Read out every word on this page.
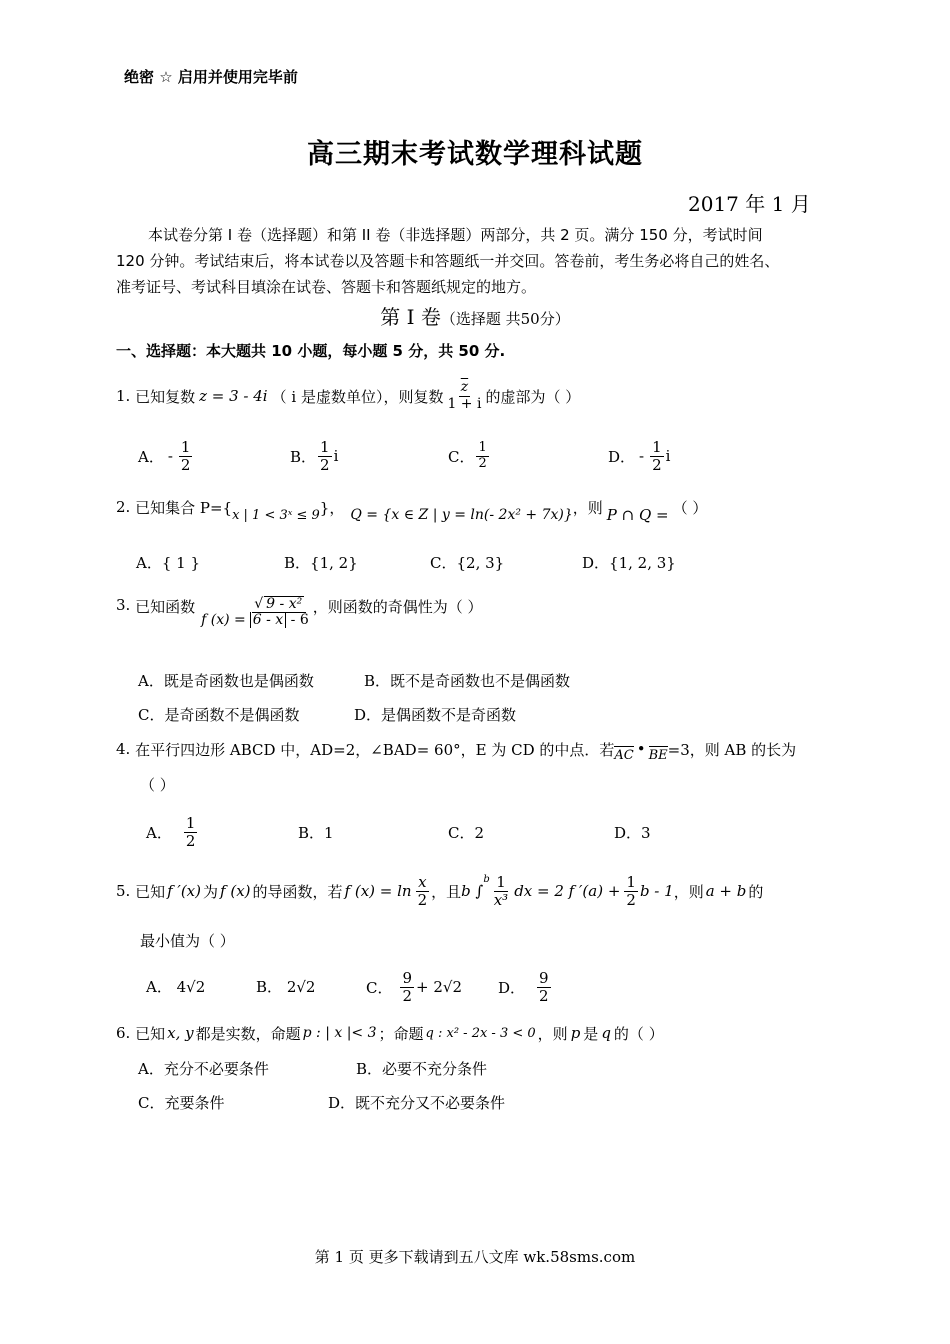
绝密 ☆ 启用并使用完毕前
高三期末考试数学理科试题
2017 年 1 月
本试卷分第 I 卷（选择题）和第 II 卷（非选择题）两部分，共 2 页。满分 150 分，考试时间
120 分钟。考试结束后，将本试卷以及答题卡和答题纸一并交回。答卷前，考生务必将自己的姓名、
准考证号、考试科目填涂在试卷、答题卡和答题纸规定的地方。
第 I 卷（选择题 共50分）
一、选择题：本大题共 10 小题，每小题 5 分，共 50 分.
1.
已知复数 z = 3 - 4i （ i 是虚数单位），则复数 $\frac{\overline{z}}{1 + i}$ 的虚部为（ ）
A． - $\frac{1}{2}$	B． $\frac{1}{2}$ i	C． $\frac{1}{2}$	D． - $\frac{1}{2}$ i
2.
已知集合 P={ x | 1 < 3ˣ ≤ 9 }， Q = {x ∈ Z | y = ln(- 2x² + 7x)} ，则 P ∩ Q = （ ）
A．{ 1 }	B．{1, 2}	C．{2, 3}	D．{1, 2, 3}
3.
已知函数
f $(x) = \frac{\text{√ 9 - x²}}{6 - x - 6}$ ，则函数的奇偶性为（ ）
A．既是奇函数也是偶函数	B．既不是奇函数也不是偶函数
C．是奇函数不是偶函数	D．是偶函数不是奇函数
4.
在平行四边形 ABCD 中，AD=2，∠BAD= 60°，E 为 CD 的中点．若 AC • BE =3，则 AB 的长为
（ ）
A． $\frac{1}{2}$	B．1	C．2	D．3
5.
已知 f ′(x) 为 f (x) 的导函数，若 f $(x) = \ln \frac{x}{2}$ ，且 b ∫
$^b \frac{1}{\text{x³}}$ dx = 2 f $'(a) + \frac{1}{2}$ b - 1 ，则 a + b 的
最小值为（ ）
A． 4√2	B． 2√2	C． $\frac{9}{2} + 2√2$ D． $\frac{9}{2}$
6.
已知 x, y 都是实数，命题 p : | x |< 3 ；命题 q : x² - 2x - 3 < 0 ，则 p 是 q 的（ ）
A．充分不必要条件	B．必要不充分条件
C．充要条件	D．既不充分又不必要条件
第 1 页 更多下载请到五八文库 wk.58sms.com
